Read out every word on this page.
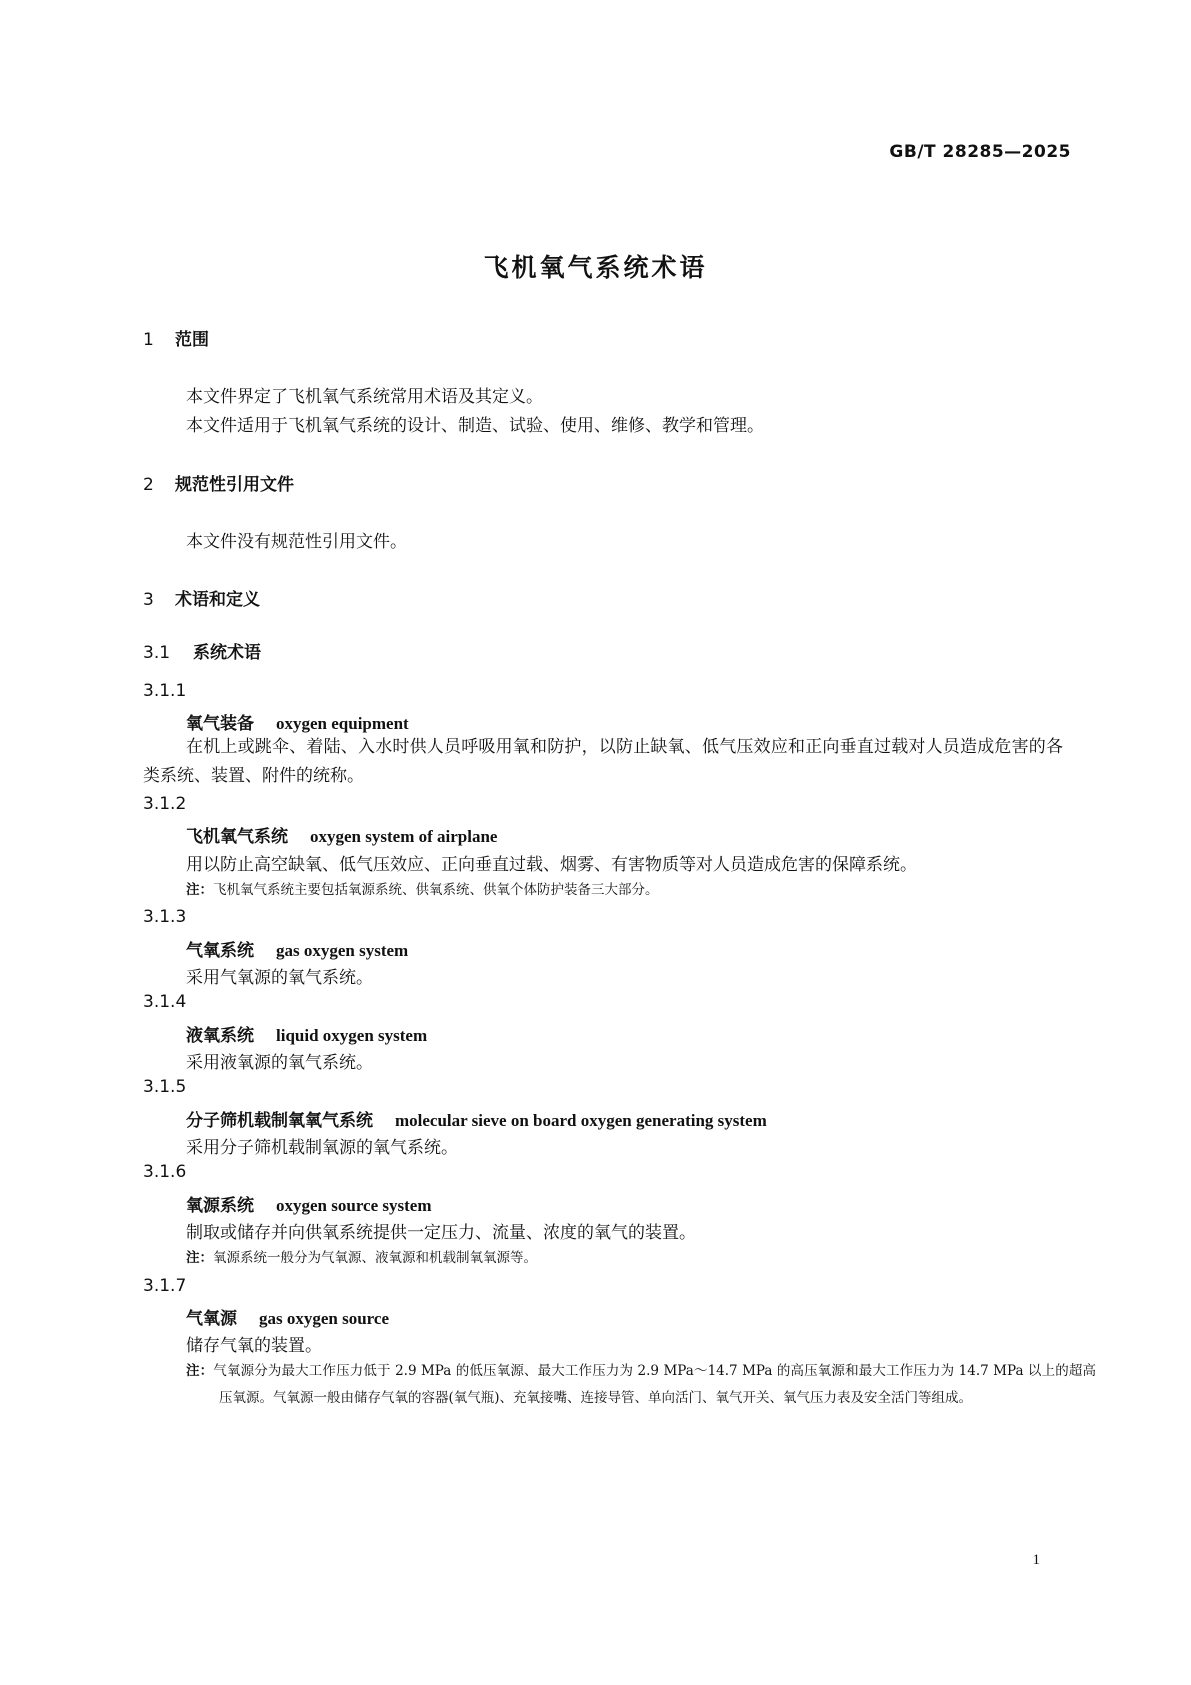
GB/T 28285—2025
飞机氧气系统术语
1 范围
本文件界定了飞机氧气系统常用术语及其定义。
本文件适用于飞机氧气系统的设计、制造、试验、使用、维修、教学和管理。
2 规范性引用文件
本文件没有规范性引用文件。
3 术语和定义
3.1 系统术语
3.1.1
氧气装备 oxygen equipment
在机上或跳伞、着陆、入水时供人员呼吸用氧和防护，以防止缺氧、低气压效应和正向垂直过载对人员造成危害的各类系统、装置、附件的统称。
3.1.2
飞机氧气系统 oxygen system of airplane
用以防止高空缺氧、低气压效应、正向垂直过载、烟雾、有害物质等对人员造成危害的保障系统。
注：飞机氧气系统主要包括氧源系统、供氧系统、供氧个体防护装备三大部分。
3.1.3
气氧系统 gas oxygen system
采用气氧源的氧气系统。
3.1.4
液氧系统 liquid oxygen system
采用液氧源的氧气系统。
3.1.5
分子筛机载制氧氧气系统 molecular sieve on board oxygen generating system
采用分子筛机载制氧源的氧气系统。
3.1.6
氧源系统 oxygen source system
制取或储存并向供氧系统提供一定压力、流量、浓度的氧气的装置。
注：氧源系统一般分为气氧源、液氧源和机载制氧氧源等。
3.1.7
气氧源 gas oxygen source
储存气氧的装置。
注：气氧源分为最大工作压力低于 2.9 MPa 的低压氧源、最大工作压力为 2.9 MPa～14.7 MPa 的高压氧源和最大工作压力为 14.7 MPa 以上的超高压氧源。气氧源一般由储存气氧的容器(氧气瓶)、充氧接嘴、连接导管、单向活门、氧气开关、氧气压力表及安全活门等组成。
1
